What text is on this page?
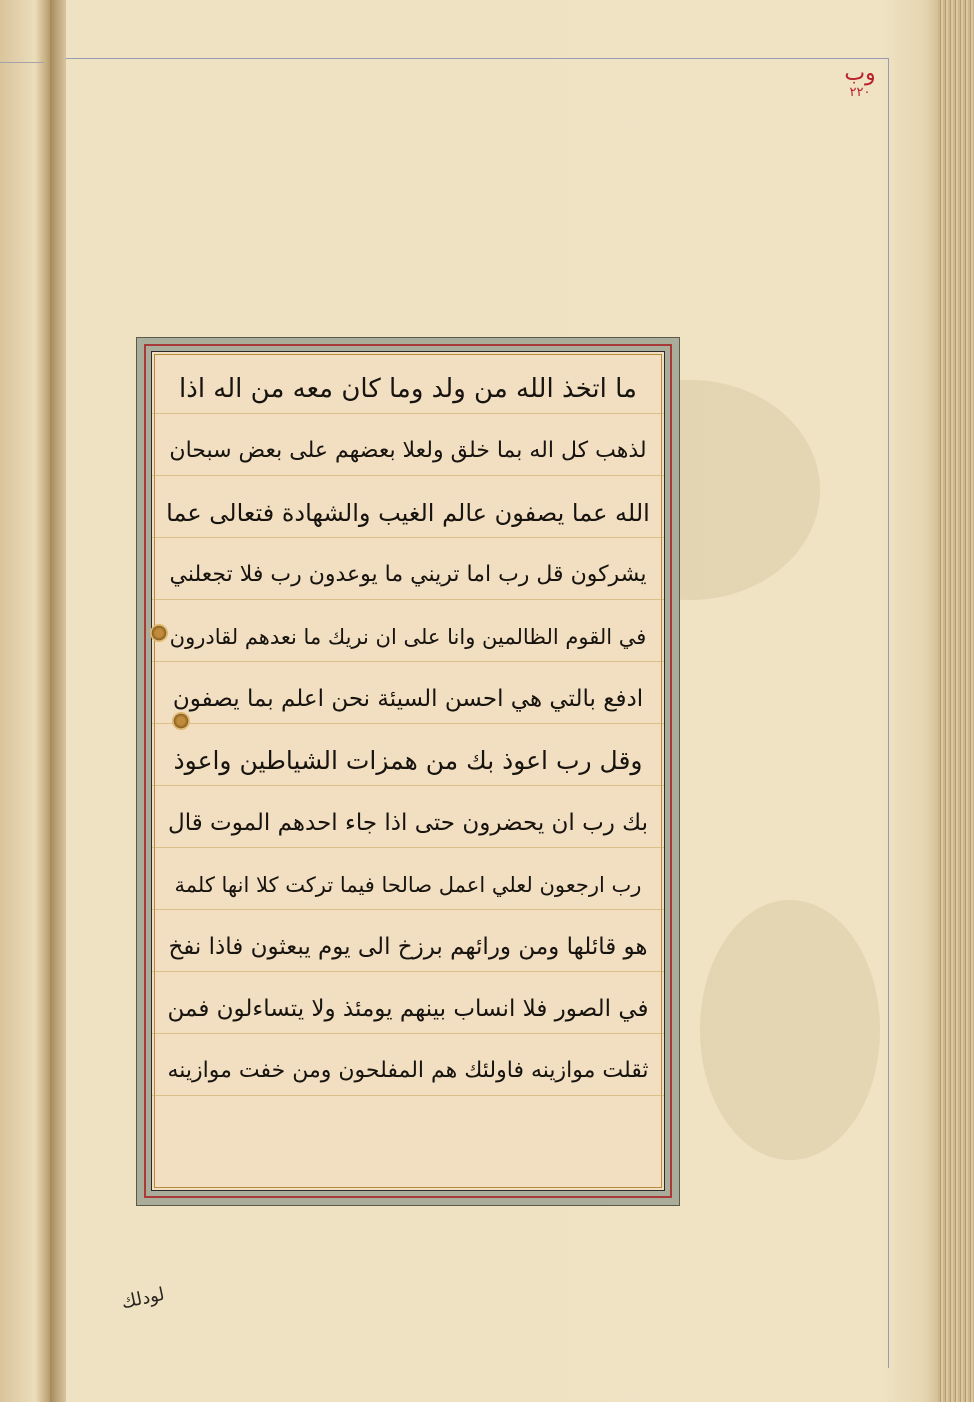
وب
٢٢٠
ما اتخذ الله من ولد وما كان معه من اله اذا
لذهب كل اله بما خلق ولعلا بعضهم على بعض سبحان
الله عما يصفون عالم الغيب والشهادة فتعالى عما
يشركون قل رب اما تريني ما يوعدون رب فلا تجعلني
في القوم الظالمين وانا على ان نريك ما نعدهم لقادرون
ادفع بالتي هي احسن السيئة نحن اعلم بما يصفون
وقل رب اعوذ بك من همزات الشياطين واعوذ
بك رب ان يحضرون حتى اذا جاء احدهم الموت قال
رب ارجعون لعلي اعمل صالحا فيما تركت كلا انها كلمة
هو قائلها ومن ورائهم برزخ الى يوم يبعثون فاذا نفخ
في الصور فلا انساب بينهم يومئذ ولا يتساءلون فمن
ثقلت موازينه فاولئك هم المفلحون ومن خفت موازينه
لودلك
